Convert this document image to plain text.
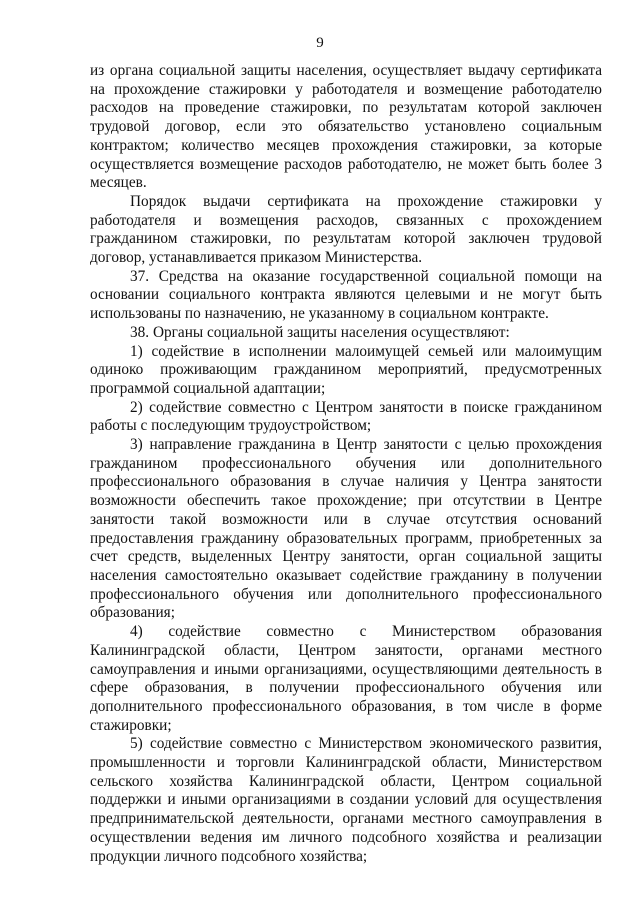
9

из органа социальной защиты населения, осуществляет выдачу сертификата на прохождение стажировки у работодателя и возмещение работодателю расходов на проведение стажировки, по результатам которой заключен трудовой договор, если это обязательство установлено социальным контрактом; количество месяцев прохождения стажировки, за которые осуществляется возмещение расходов работодателю, не может быть более 3 месяцев.

Порядок выдачи сертификата на прохождение стажировки у работодателя и возмещения расходов, связанных с прохождением гражданином стажировки, по результатам которой заключен трудовой договор, устанавливается приказом Министерства.

37. Средства на оказание государственной социальной помощи на основании социального контракта являются целевыми и не могут быть использованы по назначению, не указанному в социальном контракте.

38. Органы социальной защиты населения осуществляют:

1) содействие в исполнении малоимущей семьей или малоимущим одиноко проживающим гражданином мероприятий, предусмотренных программой социальной адаптации;

2) содействие совместно с Центром занятости в поиске гражданином работы с последующим трудоустройством;

3) направление гражданина в Центр занятости с целью прохождения гражданином профессионального обучения или дополнительного профессионального образования в случае наличия у Центра занятости возможности обеспечить такое прохождение; при отсутствии в Центре занятости такой возможности или в случае отсутствия оснований предоставления гражданину образовательных программ, приобретенных за счет средств, выделенных Центру занятости, орган социальной защиты населения самостоятельно оказывает содействие гражданину в получении профессионального обучения или дополнительного профессионального образования;

4) содействие совместно с Министерством образования Калининградской области, Центром занятости, органами местного самоуправления и иными организациями, осуществляющими деятельность в сфере образования, в получении профессионального обучения или дополнительного профессионального образования, в том числе в форме стажировки;

5) содействие совместно с Министерством экономического развития, промышленности и торговли Калининградской области, Министерством сельского хозяйства Калининградской области, Центром социальной поддержки и иными организациями в создании условий для осуществления предпринимательской деятельности, органами местного самоуправления в осуществлении ведения им личного подсобного хозяйства и реализации продукции личного подсобного хозяйства;
